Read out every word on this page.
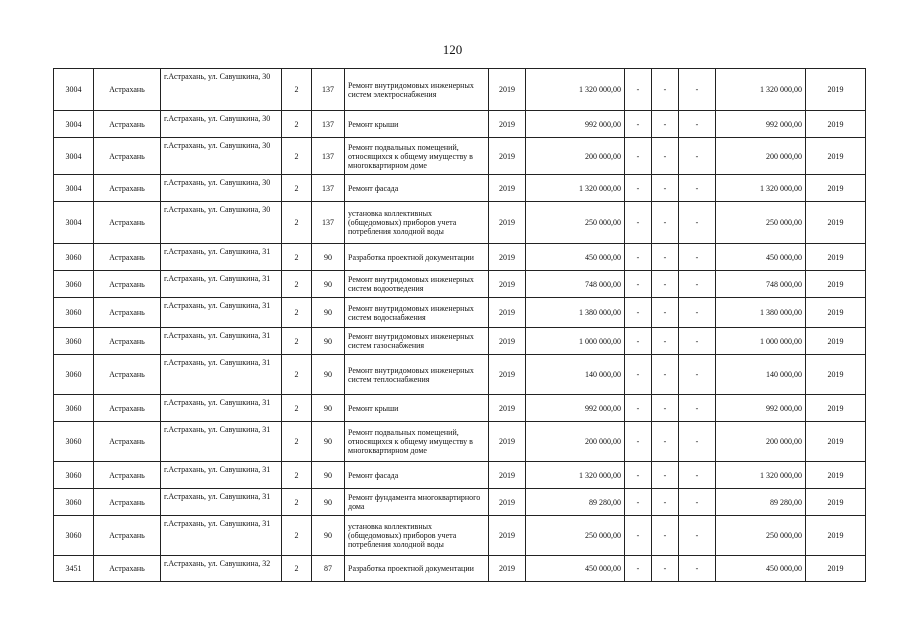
120
3004	Астрахань	г.Астрахань, ул. Савушкина, 30	2	137	Ремонт внутридомовых инженерных систем электроснабжения	2019	1 320 000,00	-	-	-	1 320 000,00	2019
3004	Астрахань	г.Астрахань, ул. Савушкина, 30	2	137	Ремонт крыши	2019	992 000,00	-	-	-	992 000,00	2019
3004	Астрахань	г.Астрахань, ул. Савушкина, 30	2	137	Ремонт подвальных помещений, относящихся к общему имуществу в многоквартирном доме	2019	200 000,00	-	-	-	200 000,00	2019
3004	Астрахань	г.Астрахань, ул. Савушкина, 30	2	137	Ремонт фасада	2019	1 320 000,00	-	-	-	1 320 000,00	2019
3004	Астрахань	г.Астрахань, ул. Савушкина, 30	2	137	установка коллективных (общедомовых) приборов учета потребления холодной воды	2019	250 000,00	-	-	-	250 000,00	2019
3060	Астрахань	г.Астрахань, ул. Савушкина, 31	2	90	Разработка проектной документации	2019	450 000,00	-	-	-	450 000,00	2019
3060	Астрахань	г.Астрахань, ул. Савушкина, 31	2	90	Ремонт внутридомовых инженерных систем водоотведения	2019	748 000,00	-	-	-	748 000,00	2019
3060	Астрахань	г.Астрахань, ул. Савушкина, 31	2	90	Ремонт внутридомовых инженерных систем водоснабжения	2019	1 380 000,00	-	-	-	1 380 000,00	2019
3060	Астрахань	г.Астрахань, ул. Савушкина, 31	2	90	Ремонт внутридомовых инженерных систем газоснабжения	2019	1 000 000,00	-	-	-	1 000 000,00	2019
3060	Астрахань	г.Астрахань, ул. Савушкина, 31	2	90	Ремонт внутридомовых инженерных систем теплоснабжения	2019	140 000,00	-	-	-	140 000,00	2019
3060	Астрахань	г.Астрахань, ул. Савушкина, 31	2	90	Ремонт крыши	2019	992 000,00	-	-	-	992 000,00	2019
3060	Астрахань	г.Астрахань, ул. Савушкина, 31	2	90	Ремонт подвальных помещений, относящихся к общему имуществу в многоквартирном доме	2019	200 000,00	-	-	-	200 000,00	2019
3060	Астрахань	г.Астрахань, ул. Савушкина, 31	2	90	Ремонт фасада	2019	1 320 000,00	-	-	-	1 320 000,00	2019
3060	Астрахань	г.Астрахань, ул. Савушкина, 31	2	90	Ремонт фундамента многоквартирного дома	2019	89 280,00	-	-	-	89 280,00	2019
3060	Астрахань	г.Астрахань, ул. Савушкина, 31	2	90	установка коллективных (общедомовых) приборов учета потребления холодной воды	2019	250 000,00	-	-	-	250 000,00	2019
3451	Астрахань	г.Астрахань, ул. Савушкина, 32	2	87	Разработка проектной документации	2019	450 000,00	-	-	-	450 000,00	2019
